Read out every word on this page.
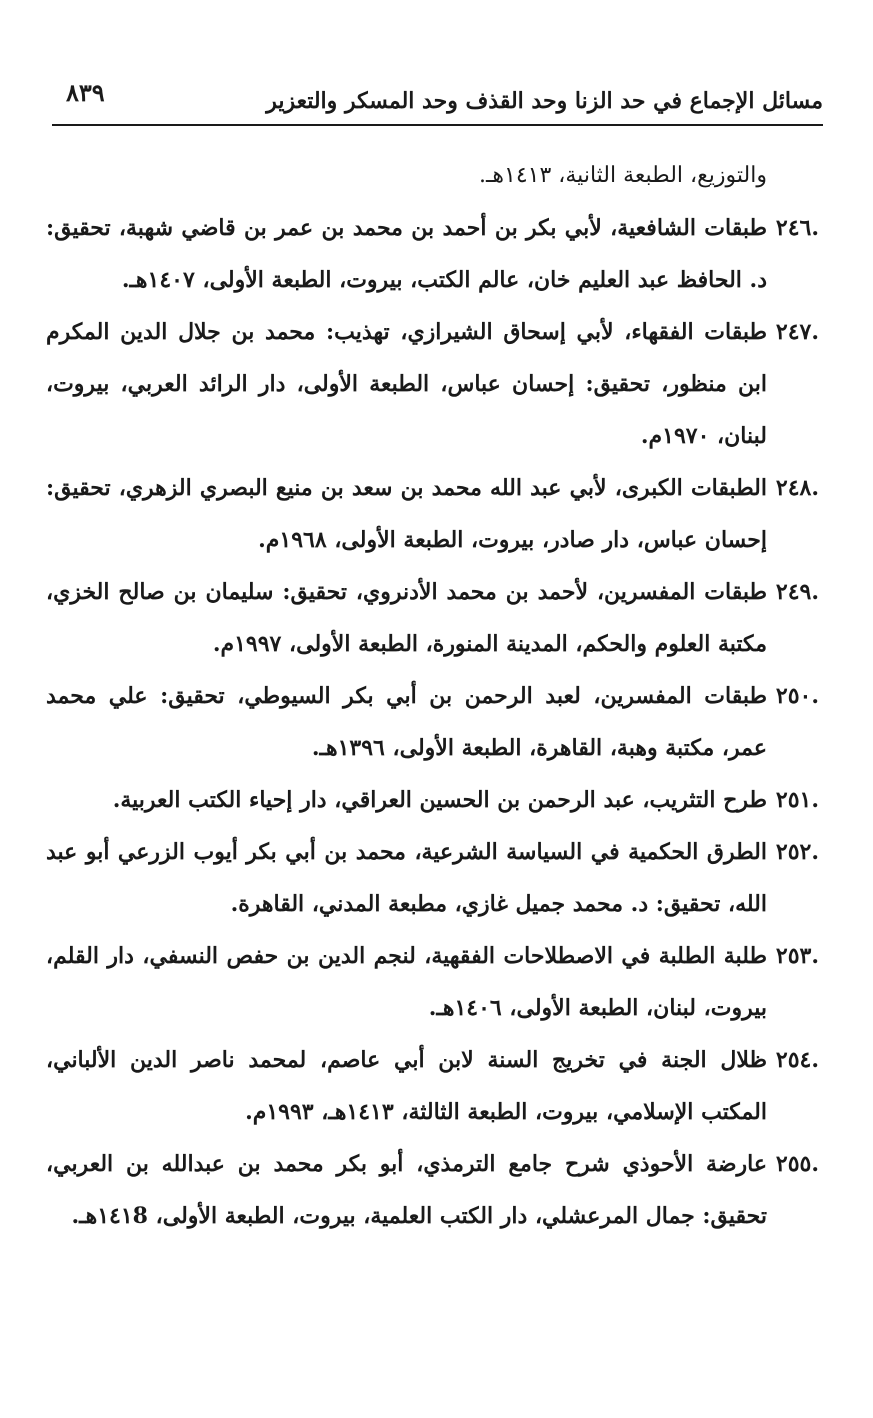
مسائل الإجماع في حد الزنا وحد القذف وحد المسكر والتعزير
٨٣٩
والتوزيع، الطبعة الثانية، ١٤١٣هـ.
٢٤٦.طبقات الشافعية، لأبي بكر بن أحمد بن محمد بن عمر بن قاضي شهبة، تحقيق: د. الحافظ عبد العليم خان، عالم الكتب، بيروت، الطبعة الأولى، ١٤٠٧هـ.
٢٤٧.طبقات الفقهاء، لأبي إسحاق الشيرازي، تهذيب: محمد بن جلال الدين المكرم ابن منظور، تحقيق: إحسان عباس، الطبعة الأولى، دار الرائد العربي، بيروت، لبنان، ١٩٧٠م.
٢٤٨.الطبقات الكبرى، لأبي عبد الله محمد بن سعد بن منيع البصري الزهري، تحقيق: إحسان عباس، دار صادر، بيروت، الطبعة الأولى، ١٩٦٨م.
٢٤٩.طبقات المفسرين، لأحمد بن محمد الأدنروي، تحقيق: سليمان بن صالح الخزي، مكتبة العلوم والحكم، المدينة المنورة، الطبعة الأولى، ١٩٩٧م.
٢٥٠.طبقات المفسرين، لعبد الرحمن بن أبي بكر السيوطي، تحقيق: علي محمد عمر، مكتبة وهبة، القاهرة، الطبعة الأولى، ١٣٩٦هـ.
٢٥١.طرح التثريب، عبد الرحمن بن الحسين العراقي، دار إحياء الكتب العربية.
٢٥٢.الطرق الحكمية في السياسة الشرعية، محمد بن أبي بكر أيوب الزرعي أبو عبد الله، تحقيق: د. محمد جميل غازي، مطبعة المدني، القاهرة.
٢٥٣.طلبة الطلبة في الاصطلاحات الفقهية، لنجم الدين بن حفص النسفي، دار القلم، بيروت، لبنان، الطبعة الأولى، ١٤٠٦هـ.
٢٥٤.ظلال الجنة في تخريج السنة لابن أبي عاصم، لمحمد ناصر الدين الألباني، المكتب الإسلامي، بيروت، الطبعة الثالثة، ١٤١٣هـ، ١٩٩٣م.
٢٥٥.عارضة الأحوذي شرح جامع الترمذي، أبو بكر محمد بن عبدالله بن العربي، تحقيق: جمال المرعشلي، دار الكتب العلمية، بيروت، الطبعة الأولى، ١٤١8هـ.
